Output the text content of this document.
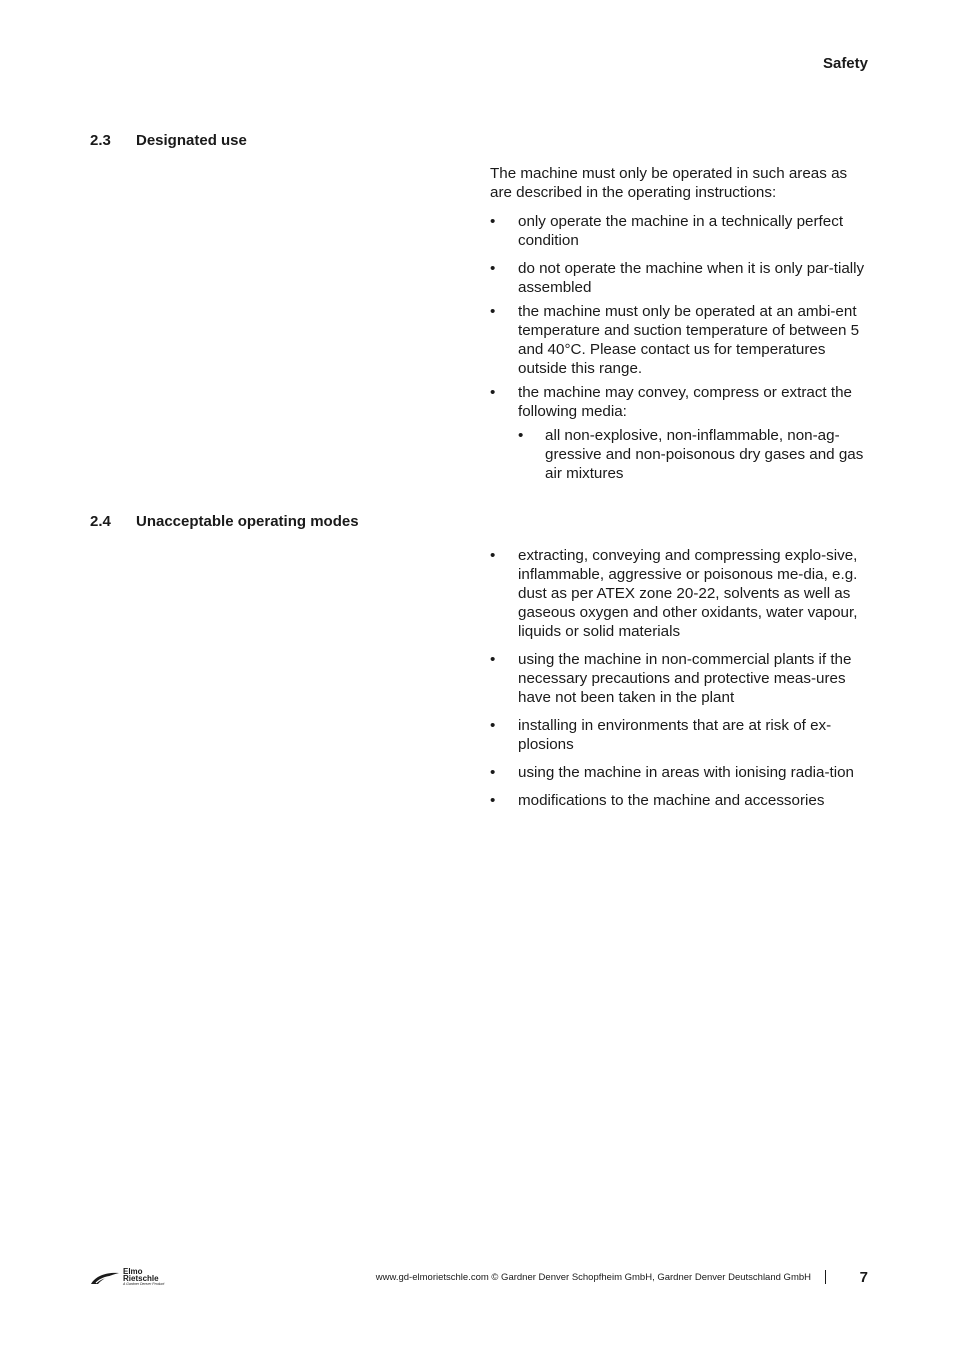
Safety
2.3 Designated use

The machine must only be operated in such areas as are described in the operating instructions:

• only operate the machine in a technically perfect condition
• do not operate the machine when it is only par-tially assembled
• the machine must only be operated at an ambi-ent temperature and suction temperature of between 5 and 40°C. Please contact us for temperatures outside this range.
• the machine may convey, compress or extract the following media:
• all non-explosive, non-inflammable, non-ag-gressive and non-poisonous dry gases and gas air mixtures
2.4 Unacceptable operating modes
• extracting, conveying and compressing explo-sive, inflammable, aggressive or poisonous me-dia, e.g. dust as per ATEX zone 20-22, solvents as well as gaseous oxygen and other oxidants, water vapour, liquids or solid materials
• using the machine in non-commercial plants if the necessary precautions and protective meas-ures have not been taken in the plant
• installing in environments that are at risk of ex-plosions
• using the machine in areas with ionising radia-tion
• modifications to the machine and accessories
Elmo
Rietschle
A Gardner Denver Product
www.gd-elmorietschle.com © Gardner Denver Schopfheim GmbH, Gardner Denver Deutschland GmbH	7
